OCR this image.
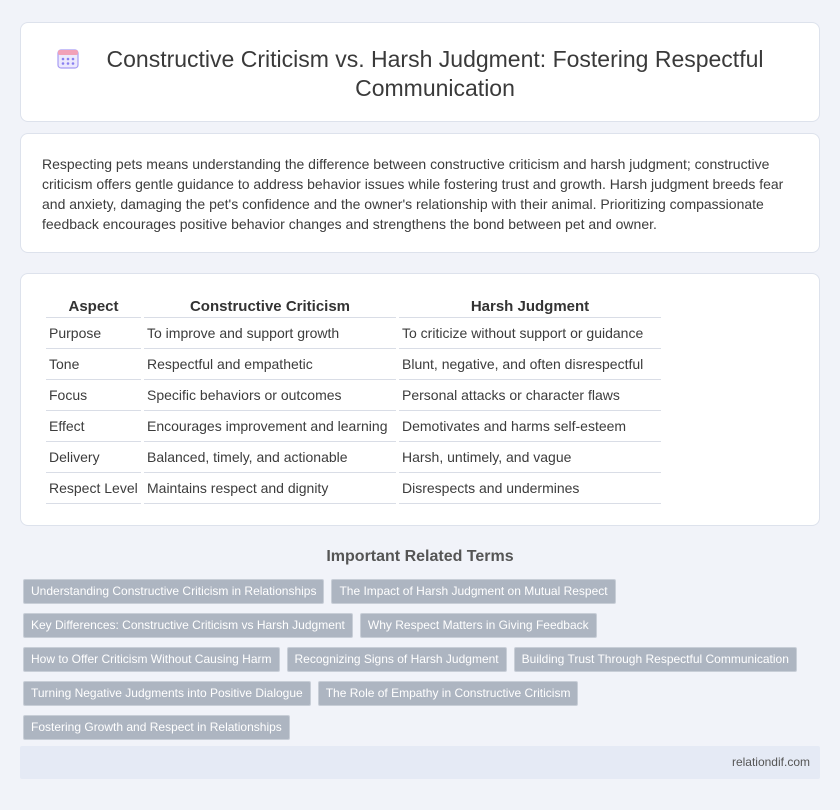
Constructive Criticism vs. Harsh Judgment: Fostering Respectful Communication

Respecting pets means understanding the difference between constructive criticism and harsh judgment; constructive criticism offers gentle guidance to address behavior issues while fostering trust and growth. Harsh judgment breeds fear and anxiety, damaging the pet's confidence and the owner's relationship with their animal. Prioritizing compassionate feedback encourages positive behavior changes and strengthens the bond between pet and owner.

Aspect	Constructive Criticism	Harsh Judgment
Purpose	To improve and support growth	To criticize without support or guidance
Tone	Respectful and empathetic	Blunt, negative, and often disrespectful
Focus	Specific behaviors or outcomes	Personal attacks or character flaws
Effect	Encourages improvement and learning	Demotivates and harms self-esteem
Delivery	Balanced, timely, and actionable	Harsh, untimely, and vague
Respect Level	Maintains respect and dignity	Disrespects and undermines
Important Related Terms
Understanding Constructive Criticism in Relationships	The Impact of Harsh Judgment on Mutual Respect
Key Differences: Constructive Criticism vs Harsh Judgment	Why Respect Matters in Giving Feedback
How to Offer Criticism Without Causing Harm	Recognizing Signs of Harsh Judgment	Building Trust Through Respectful Communication
Turning Negative Judgments into Positive Dialogue	The Role of Empathy in Constructive Criticism
Fostering Growth and Respect in Relationships
relationdif.com
